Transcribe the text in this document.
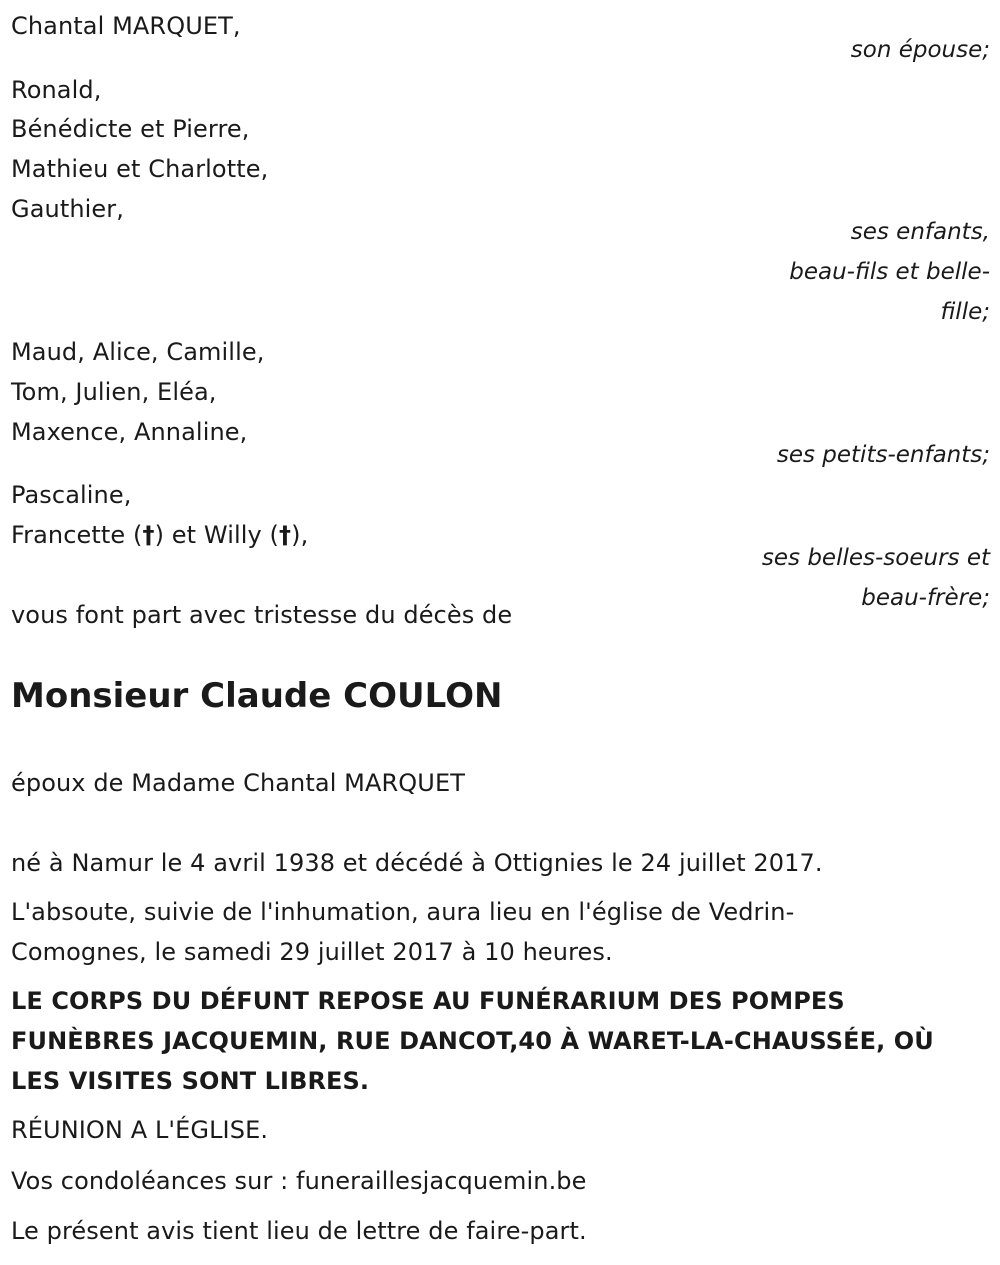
Chantal MARQUET,
son épouse;
Ronald,
Bénédicte et Pierre,
Mathieu et Charlotte,
Gauthier,
ses enfants,
beau-fils et belle-
fille;
Maud, Alice, Camille,
Tom, Julien, Eléa,
Maxence, Annaline,
ses petits-enfants;
Pascaline,
Francette (†) et Willy (†),
ses belles-soeurs et
beau-frère;
vous font part avec tristesse du décès de
Monsieur Claude COULON
époux de Madame Chantal MARQUET
né à Namur le 4 avril 1938 et décédé à Ottignies le 24 juillet 2017.
L'absoute, suivie de l'inhumation, aura lieu en l'église de Vedrin-
Comognes, le samedi 29 juillet 2017 à 10 heures.
LE CORPS DU DÉFUNT REPOSE AU FUNÉRARIUM DES POMPES
FUNÈBRES JACQUEMIN, RUE DANCOT,40 À WARET-LA-CHAUSSÉE, OÙ
LES VISITES SONT LIBRES.
RÉUNION A L'ÉGLISE.
Vos condoléances sur : funeraillesjacquemin.be
Le présent avis tient lieu de lettre de faire-part.
